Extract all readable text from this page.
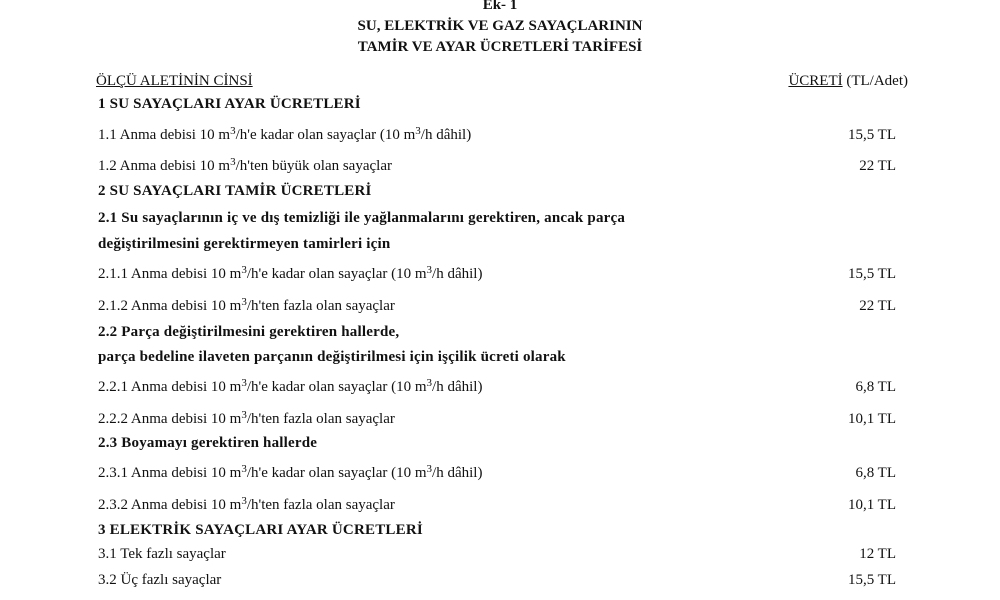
Ek- 1
SU, ELEKTRİK VE GAZ SAYAÇLARININ
TAMİR VE AYAR ÜCRETLERİ TARİFESİ
ÖLÇÜ ALETİNİN CİNSİ	ÜCRETİ (TL/Adet)
1 SU SAYAÇLARI AYAR ÜCRETLERİ
1.1 Anma debisi 10 $m^3/h'e$ kadar olan sayaçlar (10 $m^3/h$ dâhil)	15,5 TL
1.2 Anma debisi 10 $m^3/h'ten$ büyük olan sayaçlar	22 TL
2 SU SAYAÇLARI TAMİR ÜCRETLERİ
2.1 Su sayaçlarının iç ve dış temizliği ile yağlanmalarını gerektiren, ancak parça
değiştirilmesini gerektirmeyen tamirleri için
2.1.1 Anma debisi 10 $m^3/h'e$ kadar olan sayaçlar (10 $m^3/h$ dâhil)	15,5 TL
2.1.2 Anma debisi 10 $m^3/h'ten$ fazla olan sayaçlar	22 TL
2.2 Parça değiştirilmesini gerektiren hallerde,
parça bedeline ilaveten parçanın değiştirilmesi için işçilik ücreti olarak
2.2.1 Anma debisi 10 $m^3/h'e$ kadar olan sayaçlar (10 $m^3/h$ dâhil)	6,8 TL
2.2.2 Anma debisi 10 $m^3/h'ten$ fazla olan sayaçlar	10,1 TL
2.3 Boyamayı gerektiren hallerde
2.3.1 Anma debisi 10 $m^3/h'e$ kadar olan sayaçlar (10 $m^3/h$ dâhil)	6,8 TL
2.3.2 Anma debisi 10 $m^3/h'ten$ fazla olan sayaçlar	10,1 TL
3 ELEKTRİK SAYAÇLARI AYAR ÜCRETLERİ
3.1 Tek fazlı sayaçlar	12 TL
3.2 Üç fazlı sayaçlar	15,5 TL
